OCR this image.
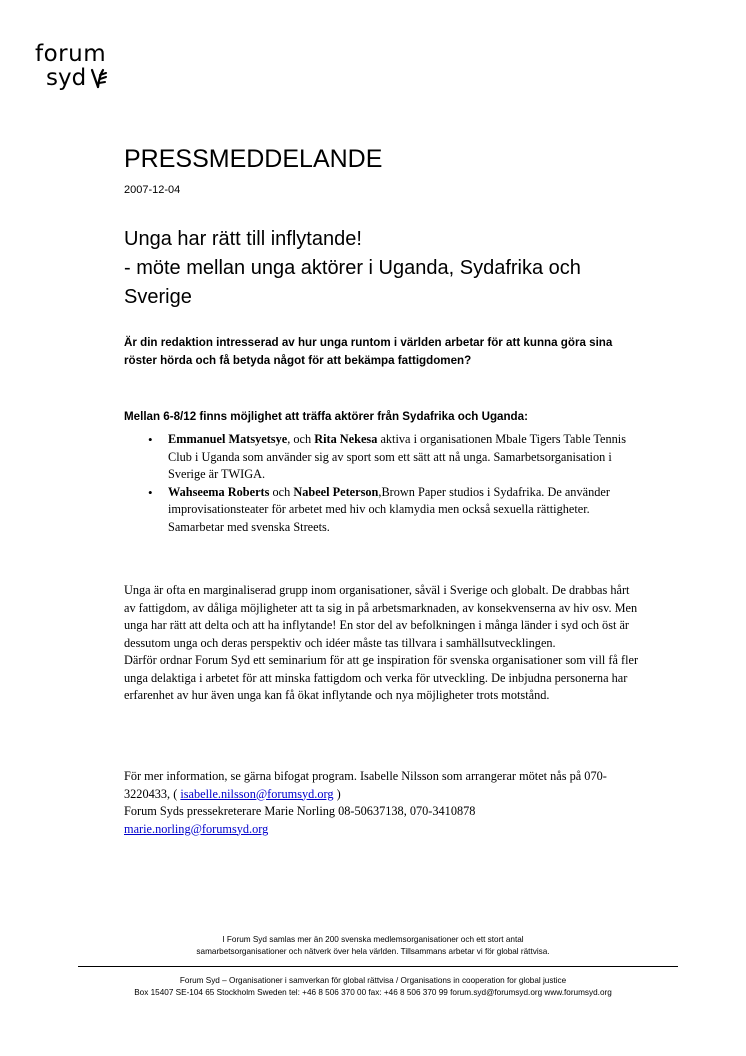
forum
syd
PRESSMEDDELANDE
2007-12-04
Unga har rätt till inflytande!
- möte mellan unga aktörer i Uganda, Sydafrika och
Sverige
Är din redaktion intresserad av hur unga runtom i världen arbetar för att kunna göra sina röster hörda och få betyda något för att bekämpa fattigdomen?
Mellan 6-8/12 finns möjlighet att träffa aktörer från Sydafrika och Uganda:
• Emmanuel Matsyetsye, och Rita Nekesa aktiva i organisationen Mbale Tigers Table Tennis Club i Uganda som använder sig av sport som ett sätt att nå unga. Samarbetsorganisation i Sverige är TWIGA.
• Wahseema Roberts och Nabeel Peterson,Brown Paper studios i Sydafrika. De använder improvisationsteater för arbetet med hiv och klamydia men också sexuella rättigheter. Samarbetar med svenska Streets.

Unga är ofta en marginaliserad grupp inom organisationer, såväl i Sverige och globalt. De drabbas hårt av fattigdom, av dåliga möjligheter att ta sig in på arbetsmarknaden, av konsekvenserna av hiv osv. Men unga har rätt att delta och att ha inflytande! En stor del av befolkningen i många länder i syd och öst är dessutom unga och deras perspektiv och idéer måste tas tillvara i samhällsutvecklingen.

Därför ordnar Forum Syd ett seminarium för att ge inspiration för svenska organisationer som vill få fler unga delaktiga i arbetet för att minska fattigdom och verka för utveckling. De inbjudna personerna har erfarenhet av hur även unga kan få ökat inflytande och nya möjligheter trots motstånd.

För mer information, se gärna bifogat program. Isabelle Nilsson som arrangerar mötet nås på 070-3220433, ( isabelle.nilsson@forumsyd.org )

Forum Syds pressekreterare Marie Norling 08-50637138, 070-3410878

marie.norling@forumsyd.org

I Forum Syd samlas mer än 200 svenska medlemsorganisationer och ett stort antal
samarbetsorganisationer och nätverk över hela världen. Tillsammans arbetar vi för global rättvisa.
Forum Syd – Organisationer i samverkan för global rättvisa / Organisations in cooperation for global justice
Box 15407 SE-104 65 Stockholm Sweden tel: +46 8 506 370 00 fax: +46 8 506 370 99 forum.syd@forumsyd.org www.forumsyd.org
